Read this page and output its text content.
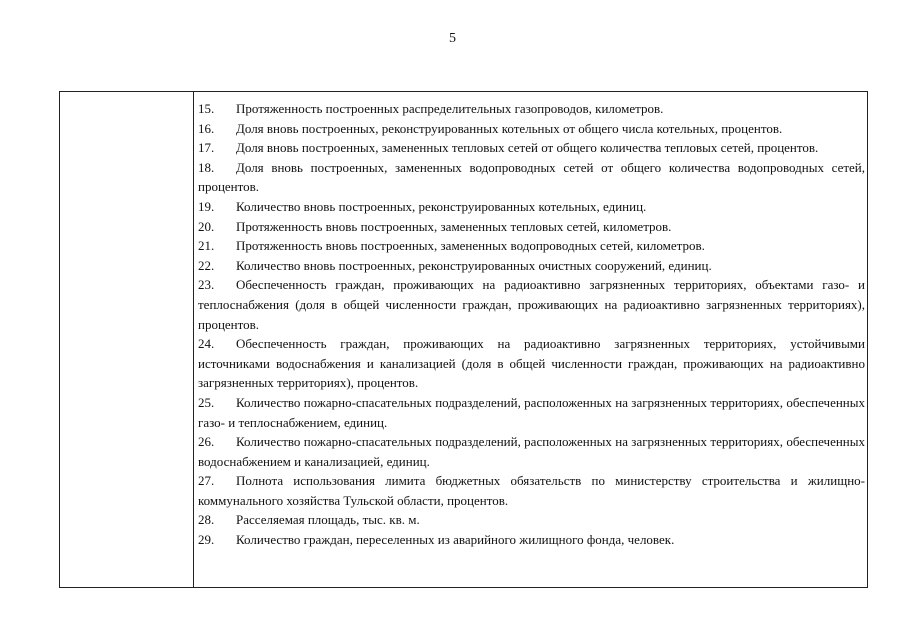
5

15. Протяженность построенных распределительных газопроводов, километров.

16. Доля вновь построенных, реконструированных котельных от общего числа котельных, процентов.

17. Доля вновь построенных, замененных тепловых сетей от общего количества тепловых сетей, процентов.

18. Доля вновь построенных, замененных водопроводных сетей от общего количества водопроводных сетей, процентов.

19. Количество вновь построенных, реконструированных котельных, единиц.

20. Протяженность вновь построенных, замененных тепловых сетей, километров.

21. Протяженность вновь построенных, замененных водопроводных сетей, километров.

22. Количество вновь построенных, реконструированных очистных сооружений, единиц.

23. Обеспеченность граждан, проживающих на радиоактивно загрязненных территориях, объектами газо- и теплоснабжения (доля в общей численности граждан, проживающих на радиоактивно загрязненных территориях), процентов.

24. Обеспеченность граждан, проживающих на радиоактивно загрязненных территориях, устойчивыми источниками водоснабжения и канализацией (доля в общей численности граждан, проживающих на радиоактивно загрязненных территориях), процентов.

25. Количество пожарно-спасательных подразделений, расположенных на загрязненных территориях, обеспеченных газо- и теплоснабжением, единиц.

26. Количество пожарно-спасательных подразделений, расположенных на загрязненных территориях, обеспеченных водоснабжением и канализацией, единиц.

27. Полнота использования лимита бюджетных обязательств по министерству строительства и жилищно-коммунального хозяйства Тульской области, процентов.

28. Расселяемая площадь, тыс. кв. м.

29. Количество граждан, переселенных из аварийного жилищного фонда, человек.
